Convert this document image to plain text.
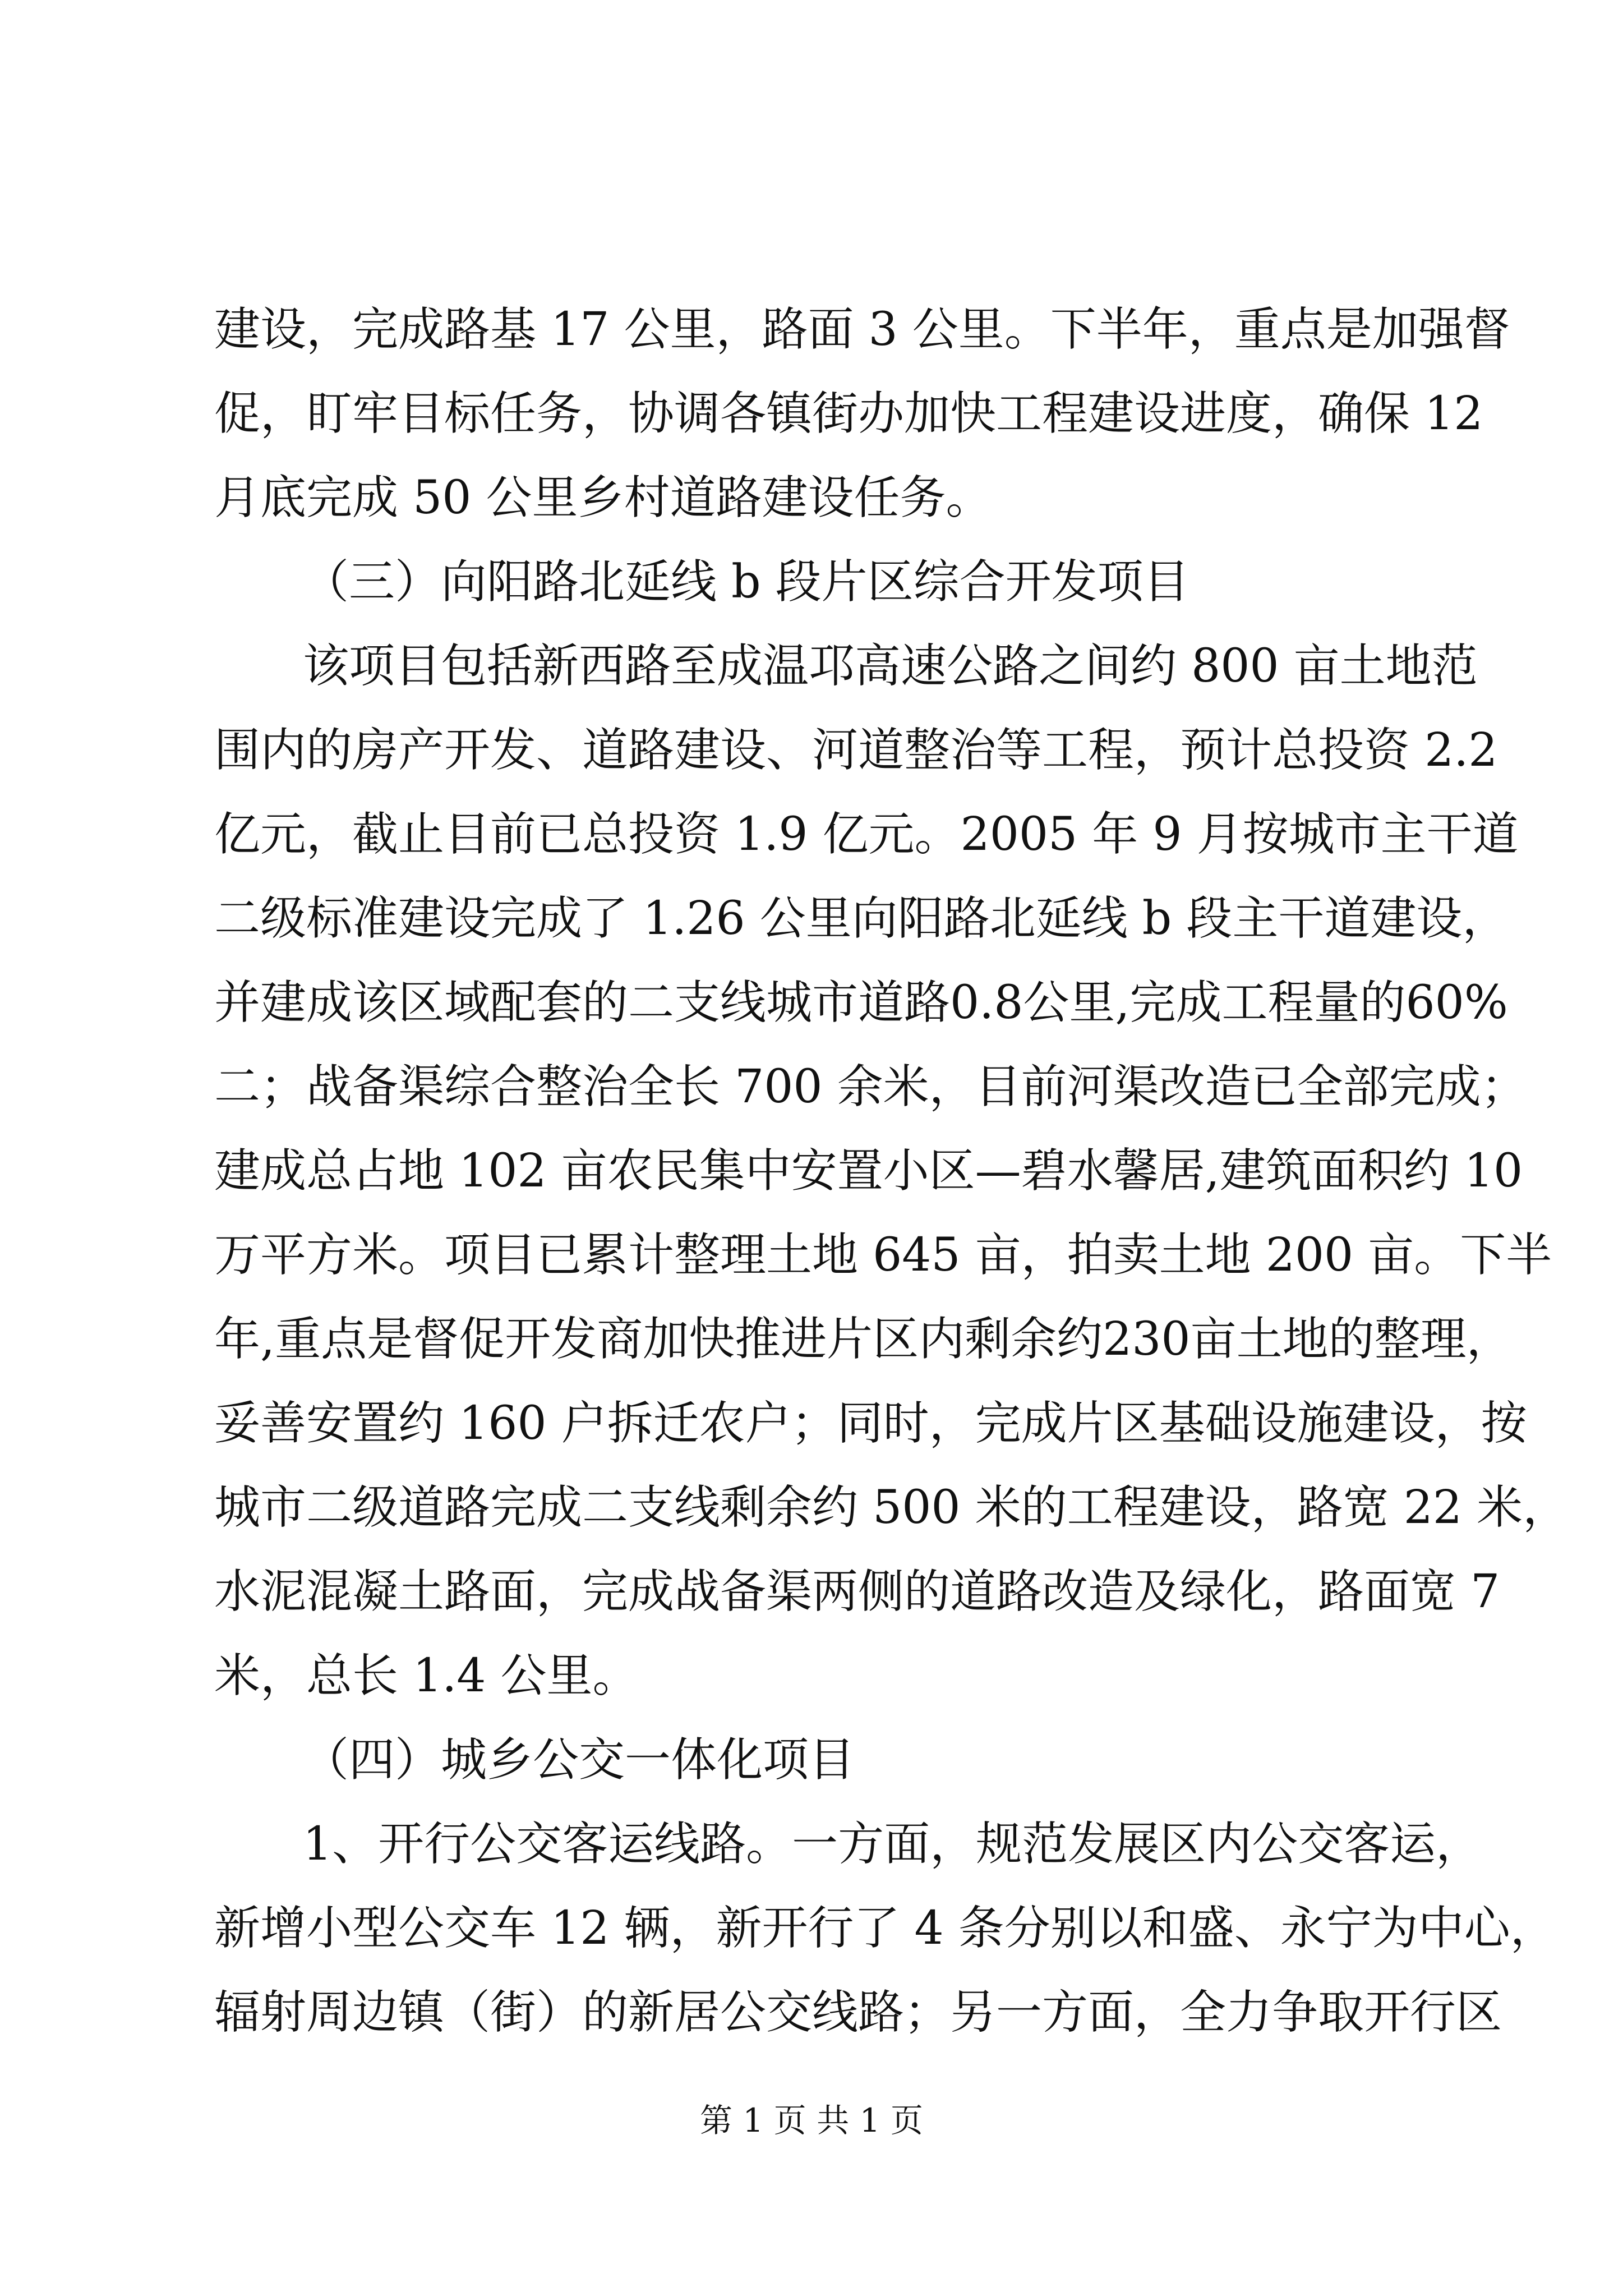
建设，完成路基 17 公里，路面 3 公里。下半年，重点是加强督
促，盯牢目标任务，协调各镇街办加快工程建设进度，确保 12
月底完成 50 公里乡村道路建设任务。
（三）向阳路北延线 b 段片区综合开发项目
该项目包括新西路至成温邛高速公路之间约 800 亩土地范
围内的房产开发、道路建设、河道整治等工程，预计总投资 2.2
亿元，截止目前已总投资 1.9 亿元。2005 年 9 月按城市主干道
二级标准建设完成了 1.26 公里向阳路北延线 b 段主干道建设，
并建成该区域配套的二支线城市道路0.8公里,完成工程量的60%
二；战备渠综合整治全长 700 余米，目前河渠改造已全部完成；
建成总占地 102 亩农民集中安置小区—碧水馨居,建筑面积约 10
万平方米。项目已累计整理土地 645 亩，拍卖土地 200 亩。下半
年,重点是督促开发商加快推进片区内剩余约230亩土地的整理，
妥善安置约 160 户拆迁农户；同时，完成片区基础设施建设，按
城市二级道路完成二支线剩余约 500 米的工程建设，路宽 22 米，
水泥混凝土路面，完成战备渠两侧的道路改造及绿化，路面宽 7
米，总长 1.4 公里。
（四）城乡公交一体化项目
1、开行公交客运线路。一方面，规范发展区内公交客运，
新增小型公交车 12 辆，新开行了 4 条分别以和盛、永宁为中心，
辐射周边镇（街）的新居公交线路；另一方面，全力争取开行区
第 1 页 共 1 页
